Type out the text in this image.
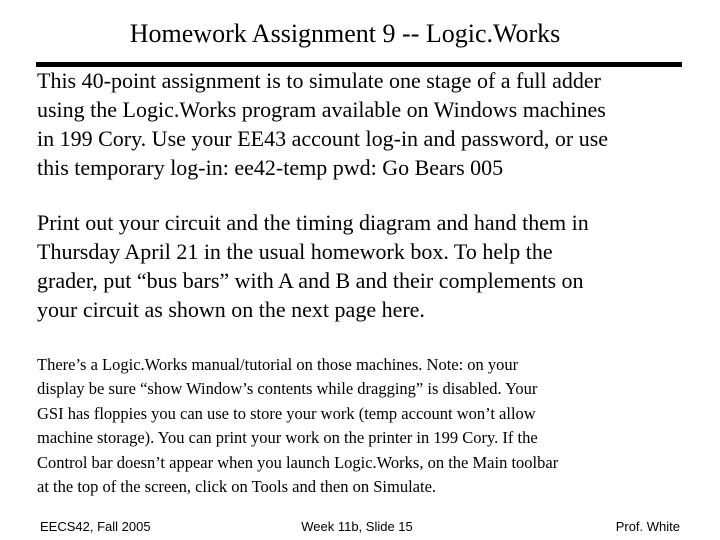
Homework Assignment 9 -- Logic.Works

This 40-point assignment is to simulate one stage of a full adder
using the Logic.Works program available on Windows machines
in 199 Cory. Use your EE43 account log-in and password, or use
this temporary log-in: ee42-temp pwd: Go Bears 005

Print out your circuit and the timing diagram and hand them in
Thursday April 21 in the usual homework box. To help the
grader, put “bus bars” with A and B and their complements on
your circuit as shown on the next page here.

There’s a Logic.Works manual/tutorial on those machines. Note: on your
display be sure “show Window’s contents while dragging” is disabled. Your
GSI has floppies you can use to store your work (temp account won’t allow
machine storage). You can print your work on the printer in 199 Cory. If the
Control bar doesn’t appear when you launch Logic.Works, on the Main toolbar
at the top of the screen, click on Tools and then on Simulate.

EECS42, Fall 2005	Week 11b, Slide 15	Prof. White
